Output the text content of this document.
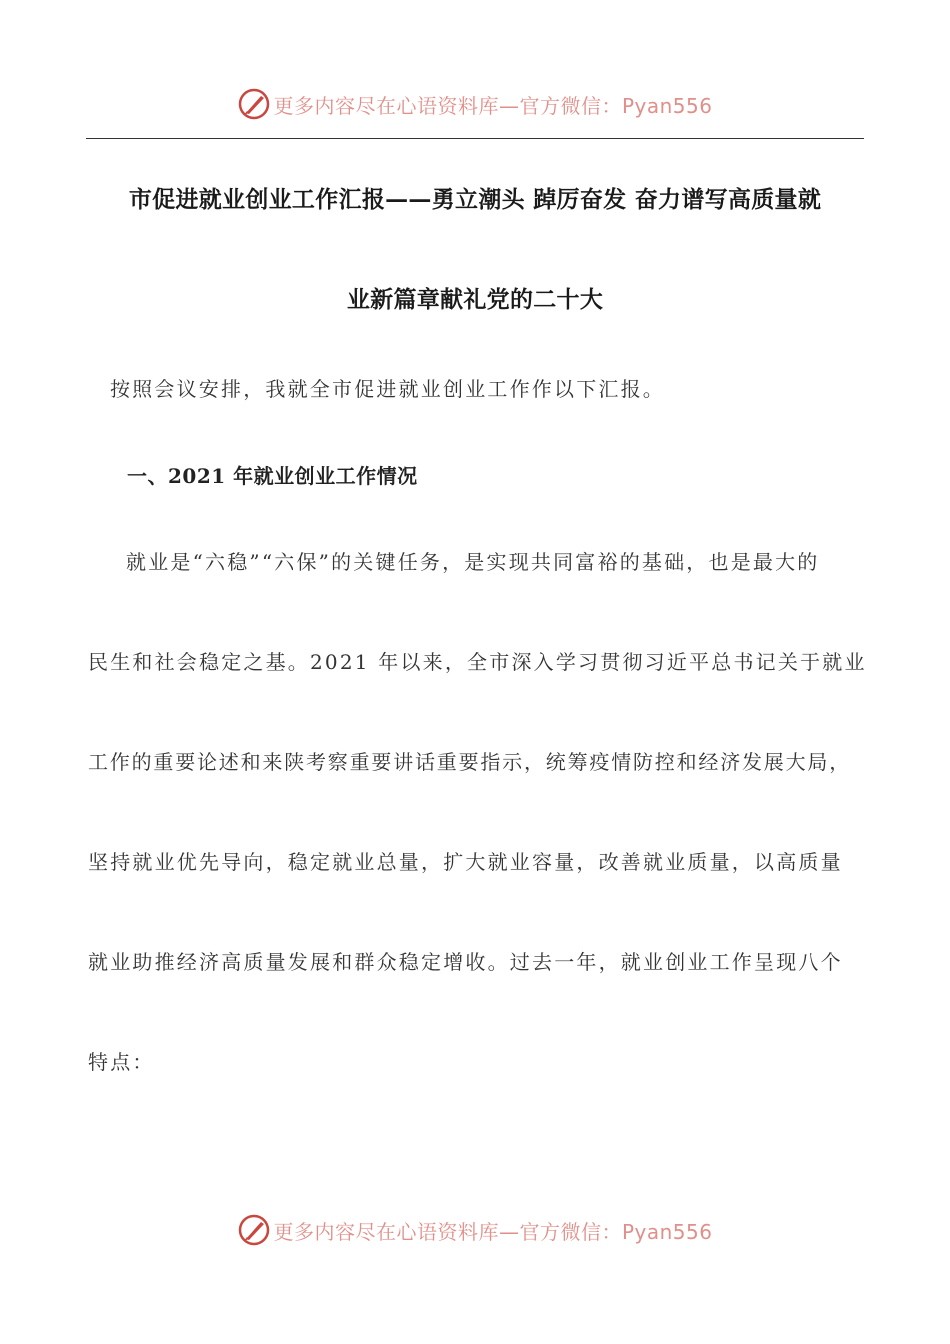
更多内容尽在心语资料库—官方微信：Pyan556
市促进就业创业工作汇报——勇立潮头 踔厉奋发 奋力谱写高质量就
业新篇章献礼党的二十大
按照会议安排，我就全市促进就业创业工作作以下汇报。
一、2021 年就业创业工作情况
就业是“六稳”“六保”的关键任务，是实现共同富裕的基础，也是最大的
民生和社会稳定之基。2021 年以来，全市深入学习贯彻习近平总书记关于就业
工作的重要论述和来陕考察重要讲话重要指示，统筹疫情防控和经济发展大局，
坚持就业优先导向，稳定就业总量，扩大就业容量，改善就业质量，以高质量
就业助推经济高质量发展和群众稳定增收。过去一年，就业创业工作呈现八个
特点：
更多内容尽在心语资料库—官方微信：Pyan556
